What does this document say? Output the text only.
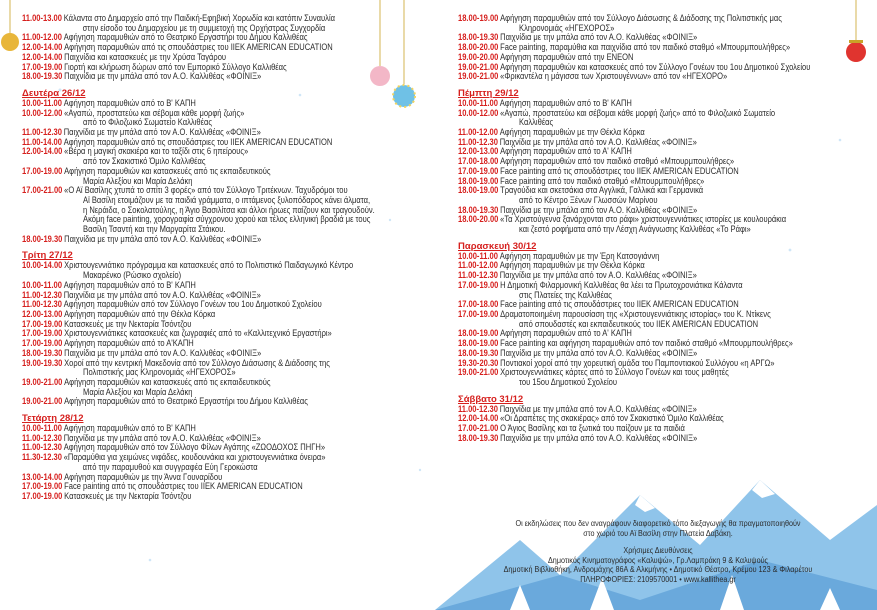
11.00-13.00 Κάλαντα στο Δημαρχείο από την Παιδική-Εφηβική Χορωδία και κατόπιν Συναυλία
στην είσοδο του Δημαρχείου με τη συμμετοχή της Ορχήστρας Συγχορδία
11.00-12.00 Αφήγηση παραμυθιών από το Θεατρικό Εργαστήρι του Δήμου Καλλιθέας
12.00-14.00 Αφήγηση παραμυθιών από τις σπουδάστριες του IIEK AMERICAN EDUCATION
12.00-14.00 Παιχνίδια και κατασκευές με την Χρύσα Ταγάρου
17.00-19.00 Γιορτή και κλήρωση δώρων από τον Εμπορικό Σύλλογο Καλλιθέας
18.00-19.30 Παιχνίδια με την μπάλα από τον Α.Ο. Καλλιθέας «ΦΟΙΝΙΞ»
Δευτέρα 26/12
10.00-11.00 Αφήγηση παραμυθιών από το Β' ΚΑΠΗ
10.00-12.00 «Αγαπώ, προστατεύω και σέβομαι κάθε μορφή ζωής»
από το Φιλοζωικό Σωματείο Καλλιθέας
11.00-12.30 Παιχνίδια με την μπάλα από τον Α.Ο. Καλλιθέας «ΦΟΙΝΙΞ»
11.00-14.00 Αφήγηση παραμυθιών από τις σπουδάστριες του IIEK AMERICAN EDUCATION
12.00-14.00 «Βέρα η μαγική σκακιέρα και το ταξίδι στις 6 ηπείρους»
από τον Σκακιστικό Όμιλο Καλλιθέας
17.00-19.00 Αφήγηση παραμυθιών και κατασκευές από τις εκπαιδευτικούς
Μαρία Αλεξίου και Μαρία Δελάκη
17.00-21.00 «Ο Αϊ Βασίλης χτυπά το σπίτι 3 φορές» από τον Σύλλογο Τριτέκνων. Ταχυδρόμοι του
Αϊ Βασίλη ετοιμάζουν με τα παιδιά γράμματα, ο ιπτάμενος ξυλοπόδαρος κάνει άλματα,
η Νεράιδα, ο Σοκολατούλης, η Άγιο Βασιλίτσα και άλλοι ήρωες παίζουν και τραγουδούν.
Ακόμη face painting, χορογραφία σύγχρονου χορού και τέλος ελληνική βραδιά με τους
Βασίλη Τσαντή και την Μαργαρίτα Στάικου.
18.00-19.30 Παιχνίδια με την μπάλα από τον Α.Ο. Καλλιθέας «ΦΟΙΝΙΞ»
Τρίτη 27/12
10.00-14.00 Χριστουγεννιάτικο πρόγραμμα και κατασκευές από το Πολιτιστικό Παιδαγωγικό Κέντρο
Μακαρένκο (Ρώσικο σχολείο)
10.00-11.00 Αφήγηση παραμυθιών από το Β' ΚΑΠΗ
11.00-12.30 Παιχνίδια με την μπάλα από τον Α.Ο. Καλλιθέας «ΦΟΙΝΙΞ»
11.00-12.30 Αφήγηση παραμυθιών από τον Σύλλογο Γονέων του 1ου Δημοτικού Σχολείου
12.00-13.00 Αφήγηση παραμυθιών από την Θέκλα Κόρκα
17.00-19.00 Κατασκευές με την Νεκταρία Τσόντζου
17.00-19.00 Χριστουγεννιάτικες κατασκευές και ζωγραφιές από το «Καλλιτεχνικό Εργαστήρι»
17.00-19.00 Αφήγηση παραμυθιών από το Α'ΚΑΠΗ
18.00-19.30 Παιχνίδια με την μπάλα από τον Α.Ο. Καλλιθέας «ΦΟΙΝΙΞ»
19.00-19.30 Χοροί από την κεντρική Μακεδονία από τον Σύλλογο Διάσωσης & Διάδοσης της
Πολιτιστικής μας Κληρονομιάς «ΗΓΕΧΟΡΟΣ»
19.00-21.00 Αφήγηση παραμυθιών και κατασκευές από τις εκπαιδευτικούς
Μαρία Αλεξίου και Μαρία Δελάκη
19.00-21.00 Αφήγηση παραμυθιών από το Θεατρικό Εργαστήρι του Δήμου Καλλιθέας
Τετάρτη 28/12
10.00-11.00 Αφήγηση παραμυθιών από το Β' ΚΑΠΗ
11.00-12.30 Παιχνίδια με την μπάλα από τον Α.Ο. Καλλιθέας «ΦΟΙΝΙΞ»
11.00-12.30 Αφήγηση παραμυθιών από τον Σύλλογο Φίλων Αγάπης «ΖΩΟΔΟΧΟΣ ΠΗΓΗ»
11.30-12.30 «Παραμύθια για χειμώνες νιφάδες, κουδουνάκια και χριστουγεννιάτικα όνειρα»
από την παραμυθού και συγγραφέα Εύη Γεροκώστα
13.00-14.00 Αφήγηση παραμυθιών με την Άννα Γουναρίδου
17.00-19.00 Face painting από τις σπουδάστριες του IIEK AMERICAN EDUCATION
17.00-19.00 Κατασκευές με την Νεκταρία Τσόντζου
18.00-19.00 Αφήγηση παραμυθιών από τον Σύλλογο Διάσωσης & Διάδοσης της Πολιτιστικής μας
Κληρονομιάς «ΗΓΕΧΟΡΟΣ»
18.00-19.30 Παιχνίδια με την μπάλα από τον Α.Ο. Καλλιθέας «ΦΟΙΝΙΞ»
18.00-20.00 Face painting, παραμύθια και παιχνίδια από τον παιδικό σταθμό «Μπουρμπουλήθρες»
19.00-20.00 Αφήγηση παραμυθιών από την ΕΝΕΟΝ
19.00-21.00 Αφήγηση παραμυθιών και κατασκευές από τον Σύλλογο Γονέων του 1ου Δημοτικού Σχολείου
19.00-21.00 «Φρικαντέλα η μάγισσα των Χριστουγέννων» από τον «ΗΓΕΧΟΡΟ»
Πέμπτη 29/12
10.00-11.00 Αφήγηση παραμυθιών από το Β' ΚΑΠΗ
10.00-12.00 «Αγαπώ, προστατεύω και σέβομαι κάθε μορφή ζωής» από το Φιλοζωικό Σωματείο
Καλλιθέας
11.00-12.00 Αφήγηση παραμυθιών με την Θέκλα Κόρκα
11.00-12.30 Παιχνίδια με την μπάλα από τον Α.Ο. Καλλιθέας «ΦΟΙΝΙΞ»
12.00-13.00 Αφήγηση παραμυθιών από το Α' ΚΑΠΗ
17.00-18.00 Αφήγηση παραμυθιών από τον παιδικό σταθμό «Μπουρμπουλήθρες»
17.00-19.00 Face painting από τις σπουδάστριες του IIEK AMERICAN EDUCATION
18.00-19.00 Face painting από τον παιδικό σταθμό «Μπουρμπουλήθρες»
18.00-19.00 Τραγούδια και σκετσάκια στα Αγγλικά, Γαλλικά και Γερμανικά
από το Κέντρο Ξένων Γλωσσών Μαρίνου
18.00-19.30 Παιχνίδια με την μπάλα από τον Α.Ο. Καλλιθέας «ΦΟΙΝΙΞ»
18.00-20.00 «Τα Χριστούγεννα ξανάρχονται στο ράφι» χριστουγεννιάτικες ιστορίες με κουλουράκια
και ζεστό ροφήματα από την Λέσχη Ανάγνωσης Καλλιθέας «Το Ράφι»
Παρασκευή 30/12
10.00-11.00 Αφήγηση παραμυθιών με την Έρη Κατσογιάννη
11.00-12.00 Αφήγηση παραμυθιών με την Θέκλα Κόρκα
11.00-12.30 Παιχνίδια με την μπάλα από τον Α.Ο. Καλλιθέας «ΦΟΙΝΙΞ»
17.00-19.00 Η Δημοτική Φιλαρμονική Καλλιθέας θα λέει τα Πρωτοχρονιάτικα Κάλαντα
στις Πλατείες της Καλλιθέας
17.00-18.00 Face painting από τις σπουδάστριες του IIEK AMERICAN EDUCATION
17.00-19.00 Δραματοποιημένη παρουσίαση της «Χριστουγεννιάτικης ιστορίας» του Κ. Ντίκενς
από σπουδαστές και εκπαιδευτικούς του IIEK AMERICAN EDUCATION
18.00-19.00 Αφήγηση παραμυθιών από το Α' ΚΑΠΗ
18.00-19.00 Face painting και αφήγηση παραμυθιών από τον παιδικό σταθμό «Μπουρμπουλήθρες»
18.00-19.30 Παιχνίδια με την μπάλα από τον Α.Ο. Καλλιθέας «ΦΟΙΝΙΞ»
19.30-20.30 Ποντιακοί χοροί από την χορευτική ομάδα του Παμποντιακού Συλλόγου «η ΑΡΓΩ»
19.00-21.00 Χριστουγεννιάτικες κάρτες από το Σύλλογο Γονέων και τους μαθητές
του 15ου Δημοτικού Σχολείου
Σάββατο 31/12
11.00-12.30 Παιχνίδια με την μπάλα από τον Α.Ο. Καλλιθέας «ΦΟΙΝΙΞ»
12.00-14.00 «Οι Δραπέτες της σκακιέρας» από τον Σκακιστικό Όμιλο Καλλιθέας
17.00-21.00 Ο Άγιος Βασίλης και τα ξωτικά του παίζουν με τα παιδιά
18.00-19.30 Παιχνίδια με την μπάλα από τον Α.Ο. Καλλιθέας «ΦΟΙΝΙΞ»
Οι εκδηλώσεις που δεν αναγράφουν διαφορετικό τόπο διεξαγωγής θα πραγματοποιηθούν
στο χωριό του Αϊ Βασίλη στην Πλατεία Δαβάκη.
Χρήσιμες Διευθύνσεις
Δημοτικός Κινηματογράφος «Καλυψώ», Γρ.Λαμπράκη 9 & Καλυψούς
Δημοτική Βιβλιοθήκη, Ανδρομάχης 86Α & Αλκμήνης • Δημοτικό Θέατρο, Κρέμου 123 & Φιλαρέτου
ΠΛΗΡΟΦΟΡΙΕΣ: 2109570001 • www.kallithea.gr
